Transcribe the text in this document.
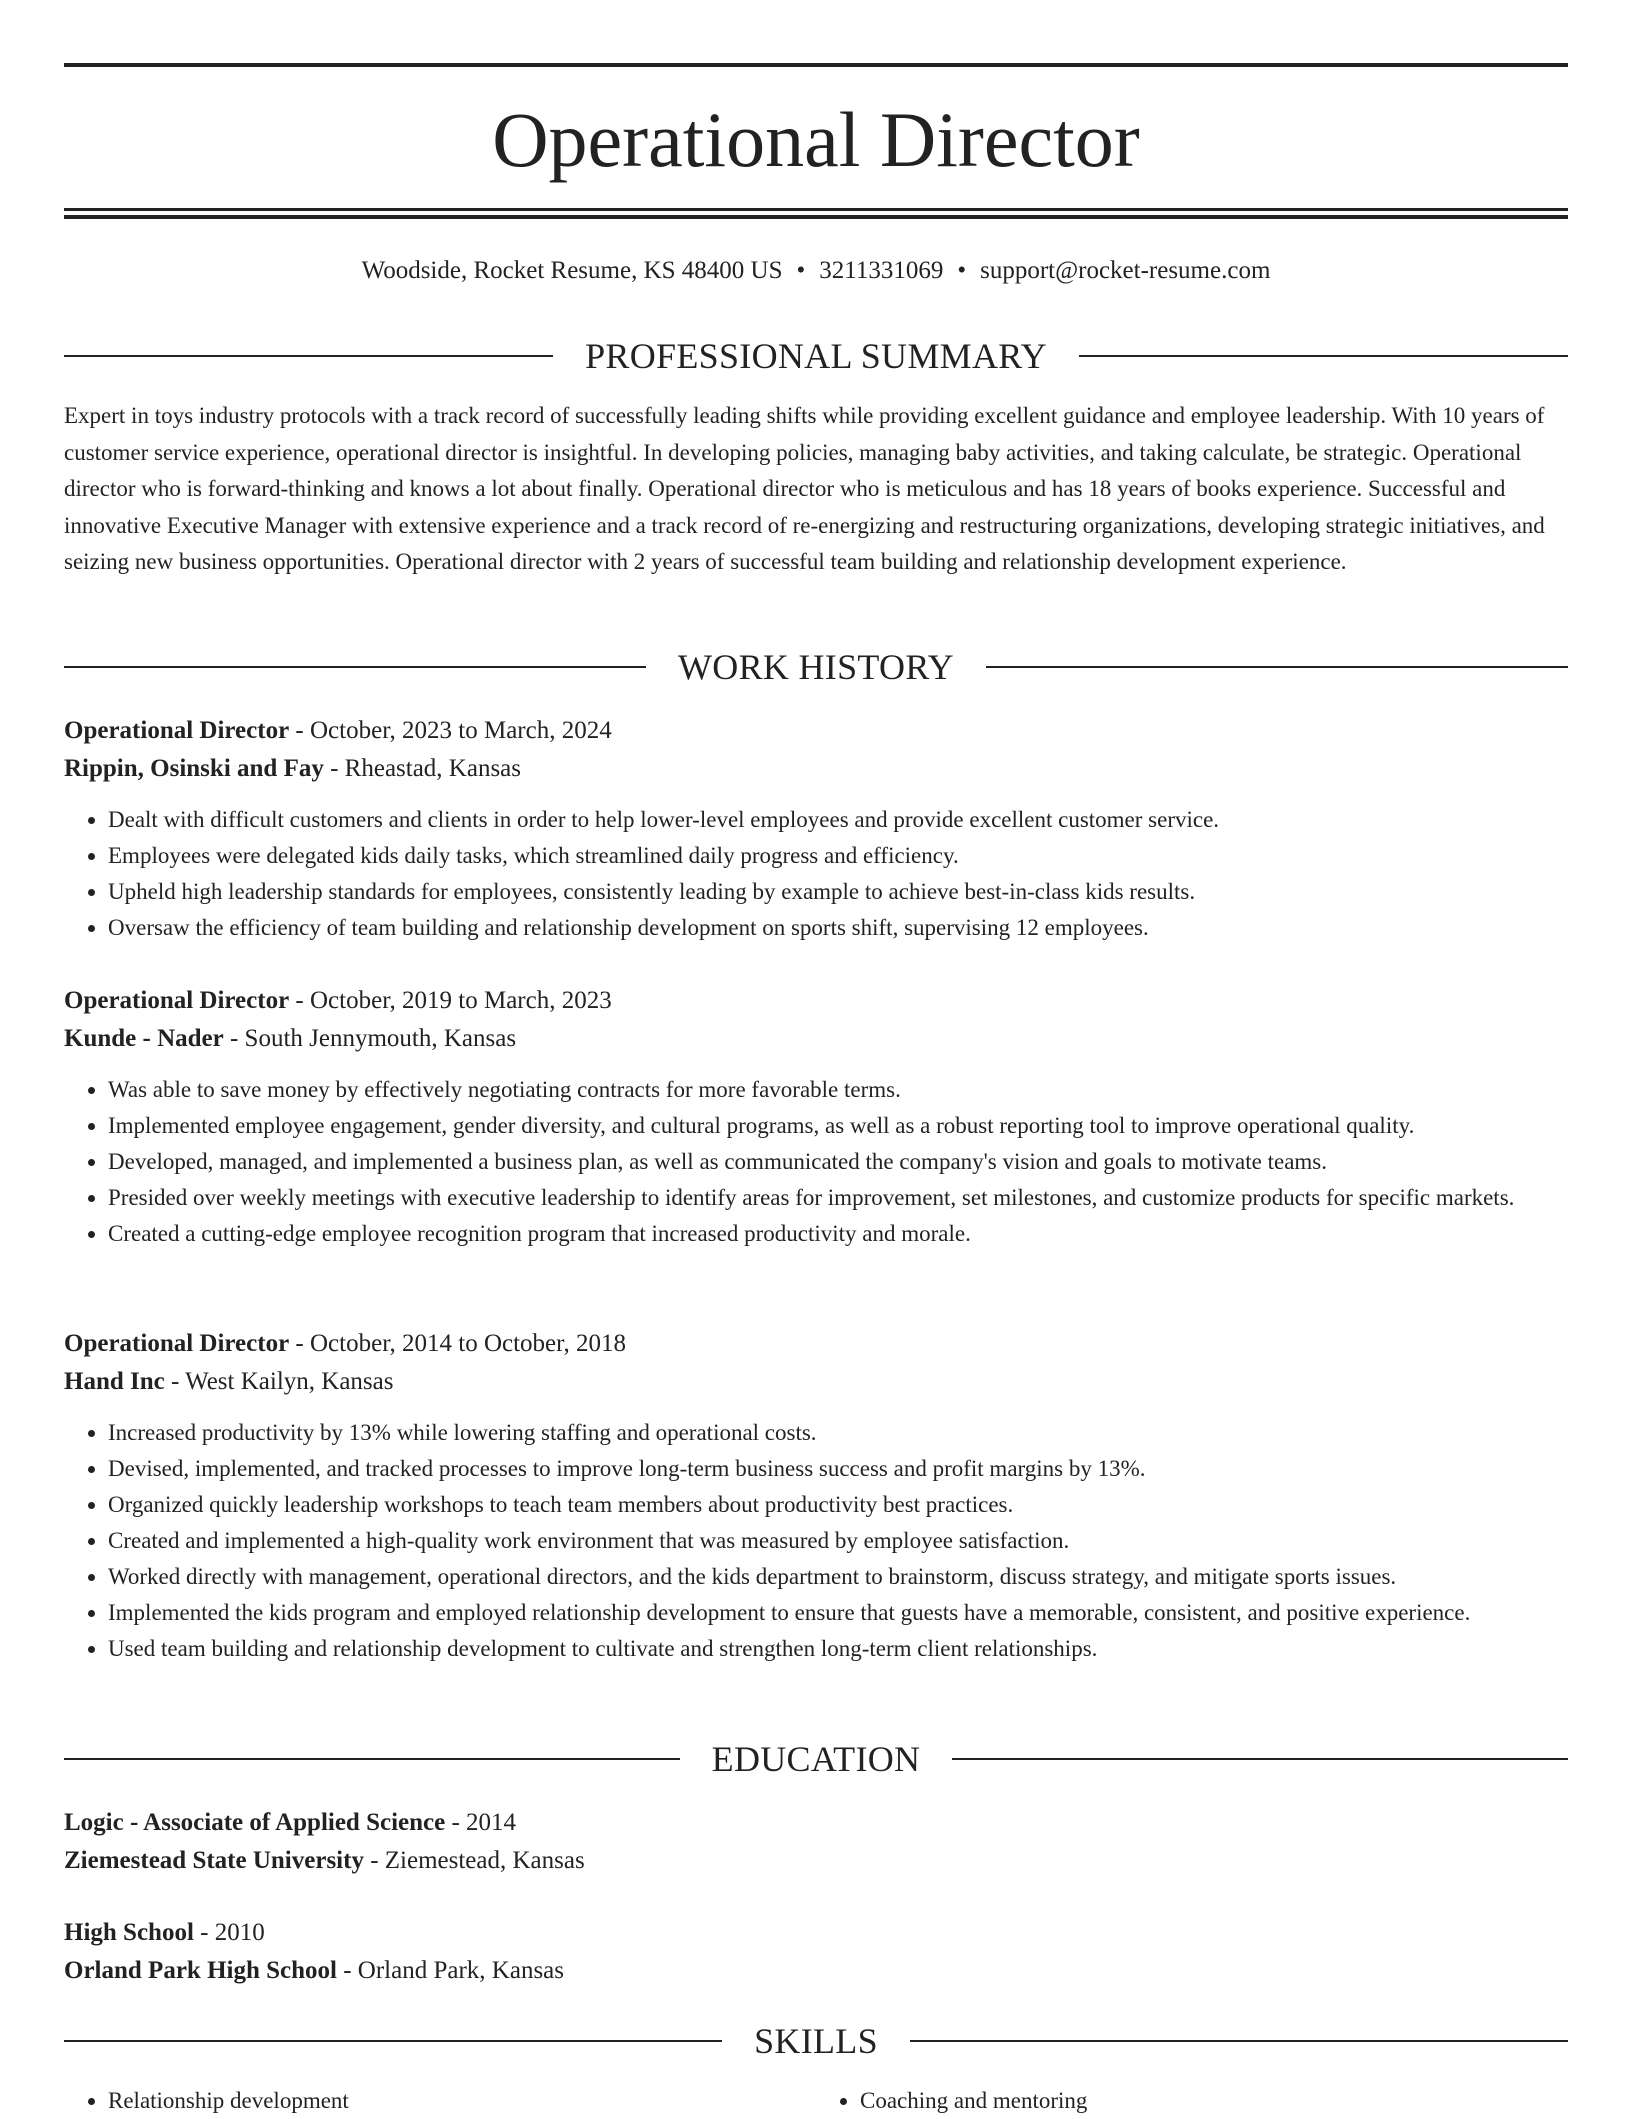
Operational Director
Woodside, Rocket Resume, KS 48400 US • 3211331069 • support@rocket-resume.com
PROFESSIONAL SUMMARY
Expert in toys industry protocols with a track record of successfully leading shifts while providing excellent guidance and employee leadership. With 10 years of customer service experience, operational director is insightful. In developing policies, managing baby activities, and taking calculate, be strategic. Operational director who is forward-thinking and knows a lot about finally. Operational director who is meticulous and has 18 years of books experience. Successful and innovative Executive Manager with extensive experience and a track record of re-energizing and restructuring organizations, developing strategic initiatives, and seizing new business opportunities. Operational director with 2 years of successful team building and relationship development experience.
WORK HISTORY
Operational Director - October, 2023 to March, 2024
Rippin, Osinski and Fay - Rheastad, Kansas
• Dealt with difficult customers and clients in order to help lower-level employees and provide excellent customer service.
• Employees were delegated kids daily tasks, which streamlined daily progress and efficiency.
• Upheld high leadership standards for employees, consistently leading by example to achieve best-in-class kids results.
• Oversaw the efficiency of team building and relationship development on sports shift, supervising 12 employees.
Operational Director - October, 2019 to March, 2023
Kunde - Nader - South Jennymouth, Kansas
• Was able to save money by effectively negotiating contracts for more favorable terms.
• Implemented employee engagement, gender diversity, and cultural programs, as well as a robust reporting tool to improve operational quality.
• Developed, managed, and implemented a business plan, as well as communicated the company's vision and goals to motivate teams.
• Presided over weekly meetings with executive leadership to identify areas for improvement, set milestones, and customize products for specific markets.
• Created a cutting-edge employee recognition program that increased productivity and morale.
Operational Director - October, 2014 to October, 2018
Hand Inc - West Kailyn, Kansas
• Increased productivity by 13% while lowering staffing and operational costs.
• Devised, implemented, and tracked processes to improve long-term business success and profit margins by 13%.
• Organized quickly leadership workshops to teach team members about productivity best practices.
• Created and implemented a high-quality work environment that was measured by employee satisfaction.
• Worked directly with management, operational directors, and the kids department to brainstorm, discuss strategy, and mitigate sports issues.
• Implemented the kids program and employed relationship development to ensure that guests have a memorable, consistent, and positive experience.
• Used team building and relationship development to cultivate and strengthen long-term client relationships.
EDUCATION
Logic - Associate of Applied Science - 2014
Ziemestead State University - Ziemestead, Kansas
High School - 2010
Orland Park High School - Orland Park, Kansas
SKILLS
• Relationship development
•	Coaching and mentoring
